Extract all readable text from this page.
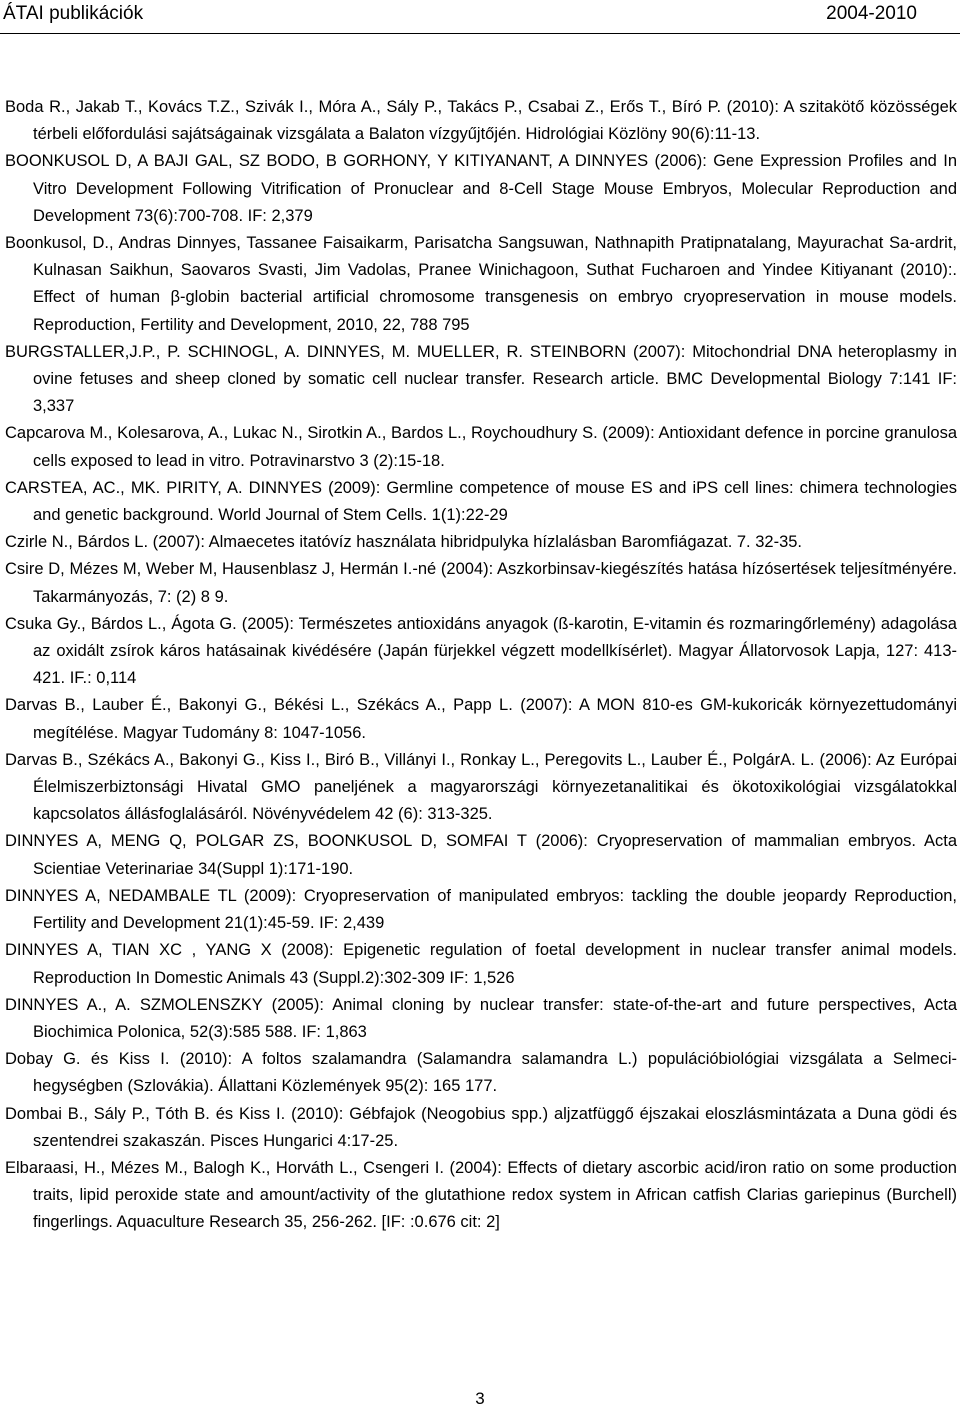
ÁTAI publikációk	2004-2010

Boda R., Jakab T., Kovács T.Z., Szivák I., Móra A., Sály P., Takács P., Csabai Z., Erős T., Bíró P. (2010): A szitakötő közösségek térbeli előfordulási sajátságainak vizsgálata a Balaton vízgyűjtőjén. Hidrológiai Közlöny 90(6):11-13.

BOONKUSOL D, A BAJI GAL, SZ BODO, B GORHONY, Y KITIYANANT, A DINNYES (2006): Gene Expression Profiles and In Vitro Development Following Vitrification of Pronuclear and 8-Cell Stage Mouse Embryos, Molecular Reproduction and Development 73(6):700-708. IF: 2,379

Boonkusol, D., Andras Dinnyes, Tassanee Faisaikarm, Parisatcha Sangsuwan, Nathnapith Pratipnatalang, Mayurachat Sa-ardrit, Kulnasan Saikhun, Saovaros Svasti, Jim Vadolas, Pranee Winichagoon, Suthat Fucharoen and Yindee Kitiyanant (2010):. Effect of human β-globin bacterial artificial chromosome transgenesis on embryo cryopreservation in mouse models. Reproduction, Fertility and Development, 2010, 22, 788 795

BURGSTALLER,J.P., P. SCHINOGL, A. DINNYES, M. MUELLER, R. STEINBORN (2007): Mitochondrial DNA heteroplasmy in ovine fetuses and sheep cloned by somatic cell nuclear transfer. Research article. BMC Developmental Biology 7:141 IF: 3,337

Capcarova M., Kolesarova, A., Lukac N., Sirotkin A., Bardos L., Roychoudhury S. (2009): Antioxidant defence in porcine granulosa cells exposed to lead in vitro. Potravinarstvo 3 (2):15-18.

CARSTEA, AC., MK. PIRITY, A. DINNYES (2009): Germline competence of mouse ES and iPS cell lines: chimera technologies and genetic background. World Journal of Stem Cells. 1(1):22-29

Czirle N., Bárdos L. (2007): Almaecetes itatóvíz használata hibridpulyka hízlalásban Baromfiágazat. 7. 32-35.

Csire D, Mézes M, Weber M, Hausenblasz J, Hermán I.-né (2004): Aszkorbinsav-kiegészítés hatása hízósertések teljesítményére. Takarmányozás, 7: (2) 8 9.

Csuka Gy., Bárdos L., Ágota G. (2005): Természetes antioxidáns anyagok (ß-karotin, E-vitamin és rozmaringőrlemény) adagolása az oxidált zsírok káros hatásainak kivédésére (Japán fürjekkel végzett modellkísérlet). Magyar Állatorvosok Lapja, 127: 413-421. IF.: 0,114

Darvas B., Lauber É., Bakonyi G., Békési L., Székács A., Papp L. (2007): A MON 810-es GM-kukoricák környezettudományi megítélése. Magyar Tudomány 8: 1047-1056.

Darvas B., Székács A., Bakonyi G., Kiss I., Biró B., Villányi I., Ronkay L., Peregovits L., Lauber É., PolgárA. L. (2006): Az Európai Élelmiszerbiztonsági Hivatal GMO paneljének a magyarországi környezetanalitikai és ökotoxikológiai vizsgálatokkal kapcsolatos állásfoglalásáról. Növényvédelem 42 (6): 313-325.

DINNYES A, MENG Q, POLGAR ZS, BOONKUSOL D, SOMFAI T (2006): Cryopreservation of mammalian embryos. Acta Scientiae Veterinariae 34(Suppl 1):171-190.

DINNYES A, NEDAMBALE TL (2009): Cryopreservation of manipulated embryos: tackling the double jeopardy Reproduction, Fertility and Development 21(1):45-59. IF: 2,439

DINNYES A, TIAN XC , YANG X (2008): Epigenetic regulation of foetal development in nuclear transfer animal models. Reproduction In Domestic Animals 43 (Suppl.2):302-309 IF: 1,526

DINNYES A., A. SZMOLENSZKY (2005): Animal cloning by nuclear transfer: state-of-the-art and future perspectives, Acta Biochimica Polonica, 52(3):585 588. IF: 1,863

Dobay G. és Kiss I. (2010): A foltos szalamandra (Salamandra salamandra L.) populációbiológiai vizsgálata a Selmeci-hegységben (Szlovákia). Állattani Közlemények 95(2): 165 177.

Dombai B., Sály P., Tóth B. és Kiss I. (2010): Gébfajok (Neogobius spp.) aljzatfüggő éjszakai eloszlásmintázata a Duna gödi és szentendrei szakaszán. Pisces Hungarici 4:17-25.

Elbaraasi, H., Mézes M., Balogh K., Horváth L., Csengeri I. (2004): Effects of dietary ascorbic acid/iron ratio on some production traits, lipid peroxide state and amount/activity of the glutathione redox system in African catfish Clarias gariepinus (Burchell) fingerlings. Aquaculture Research 35, 256-262. [IF: :0.676 cit: 2]

3
